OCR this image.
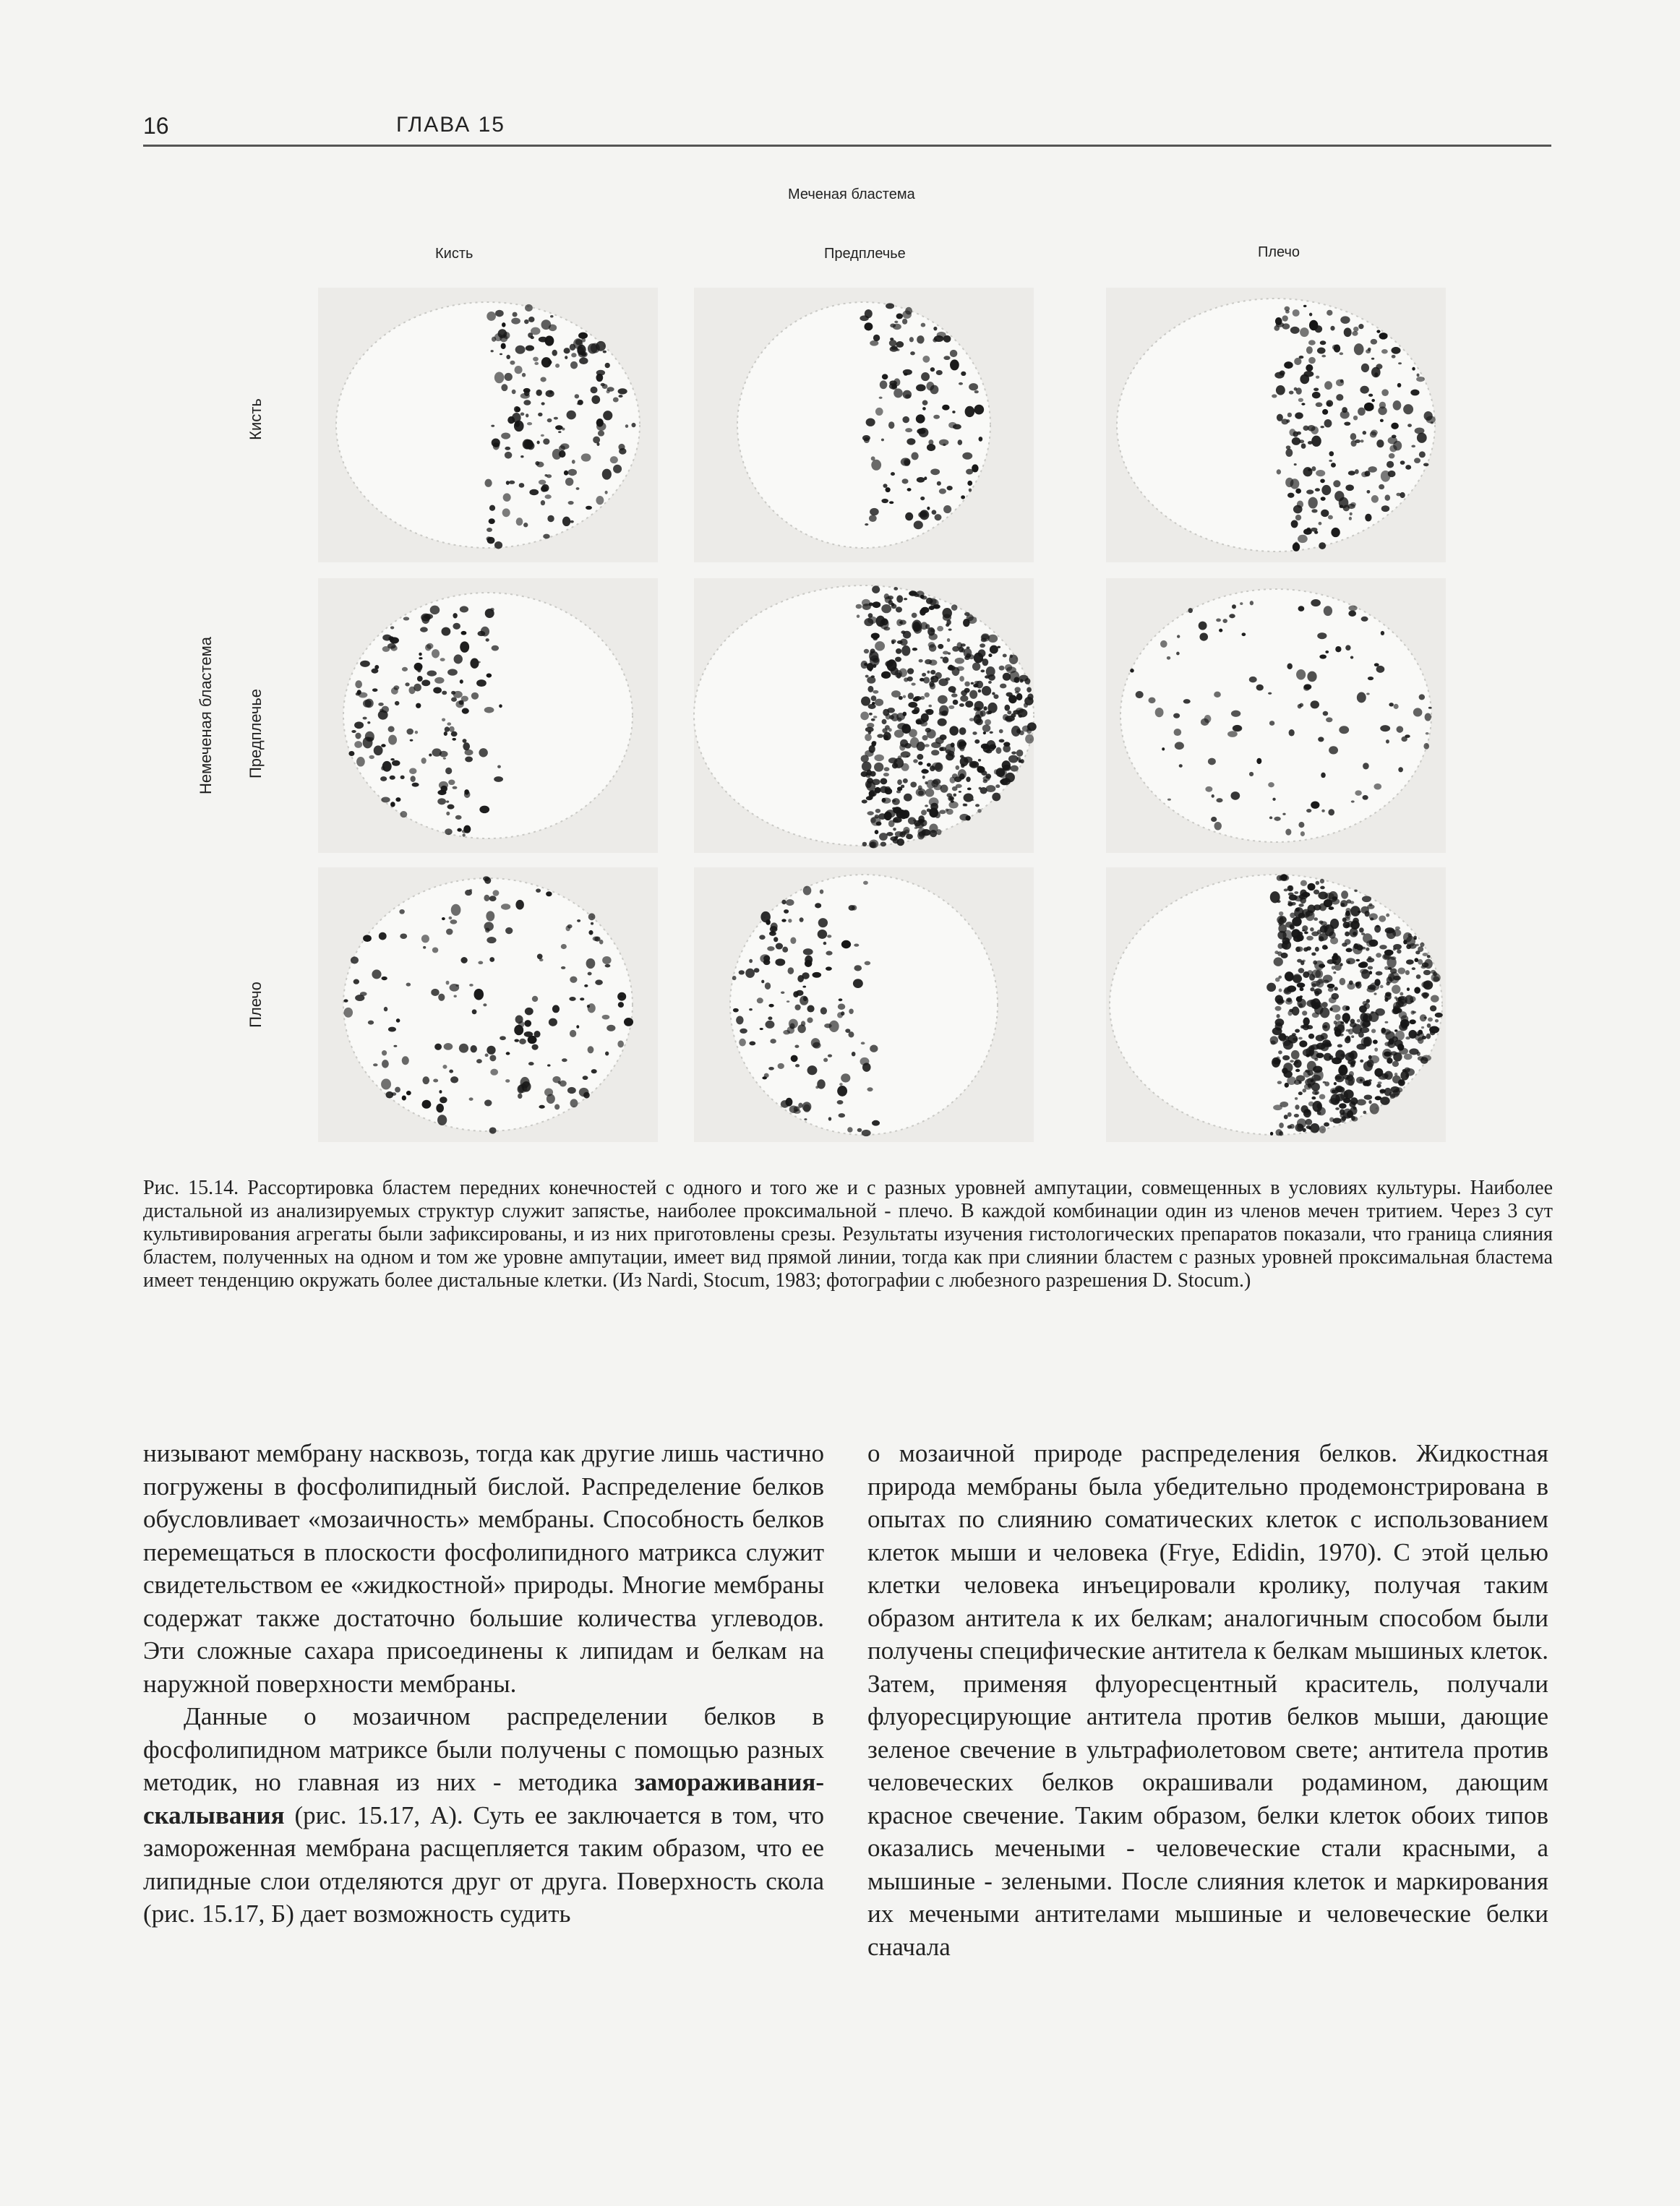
16	ГЛАВА 15
Меченая бластема
Кисть	Предплечье	Плечо
Немеченая бластема
Кисть
Предплечье
Плечо
Рис. 15.14. Рассортировка бластем передних конечностей с одного и того же и с разных уровней ампутации, совмещенных в условиях культуры. Наиболее дистальной из анализируемых структур служит запястье, наиболее проксимальной - плечо. В каждой комбинации один из членов мечен тритием. Через 3 сут культивирования агрегаты были зафиксированы, и из них приготовлены срезы. Результаты изучения гистологических препаратов показали, что граница слияния бластем, полученных на одном и том же уровне ампутации, имеет вид прямой линии, тогда как при слиянии бластем с разных уровней проксимальная бластема имеет тенденцию окружать более дистальные клетки. (Из Nardi, Stocum, 1983; фотографии с любезного разрешения D. Stocum.)

низывают мембрану насквозь, тогда как другие лишь частично погружены в фосфолипидный бислой. Распределение белков обусловливает «мозаичность» мембраны. Способность белков перемещаться в плоскости фосфолипидного матрикса служит свидетельством ее «жидкостной» природы. Многие мембраны содержат также достаточно большие количества углеводов. Эти сложные сахара присоединены к липидам и белкам на наружной поверхности мембраны.

Данные о мозаичном распределении белков в фосфолипидном матриксе были получены с помощью разных методик, но главная из них - методика замораживания-скалывания (рис. 15.17, А). Суть ее заключается в том, что замороженная мембрана расщепляется таким образом, что ее липидные слои отделяются друг от друга. Поверхность скола (рис. 15.17, Б) дает возможность судить

о мозаичной природе распределения белков. Жидкостная природа мембраны была убедительно продемонстрирована в опытах по слиянию соматических клеток с использованием клеток мыши и человека (Frye, Edidin, 1970). С этой целью клетки человека инъецировали кролику, получая таким образом антитела к их белкам; аналогичным способом были получены специфические антитела к белкам мышиных клеток. Затем, применяя флуоресцентный краситель, получали флуоресцирующие антитела против белков мыши, дающие зеленое свечение в ультрафиолетовом свете; антитела против человеческих белков окрашивали родамином, дающим красное свечение. Таким образом, белки клеток обоих типов оказались мечеными - человеческие стали красными, а мышиные - зелеными. После слияния клеток и маркирования их мечеными антителами мышиные и человеческие белки сначала
